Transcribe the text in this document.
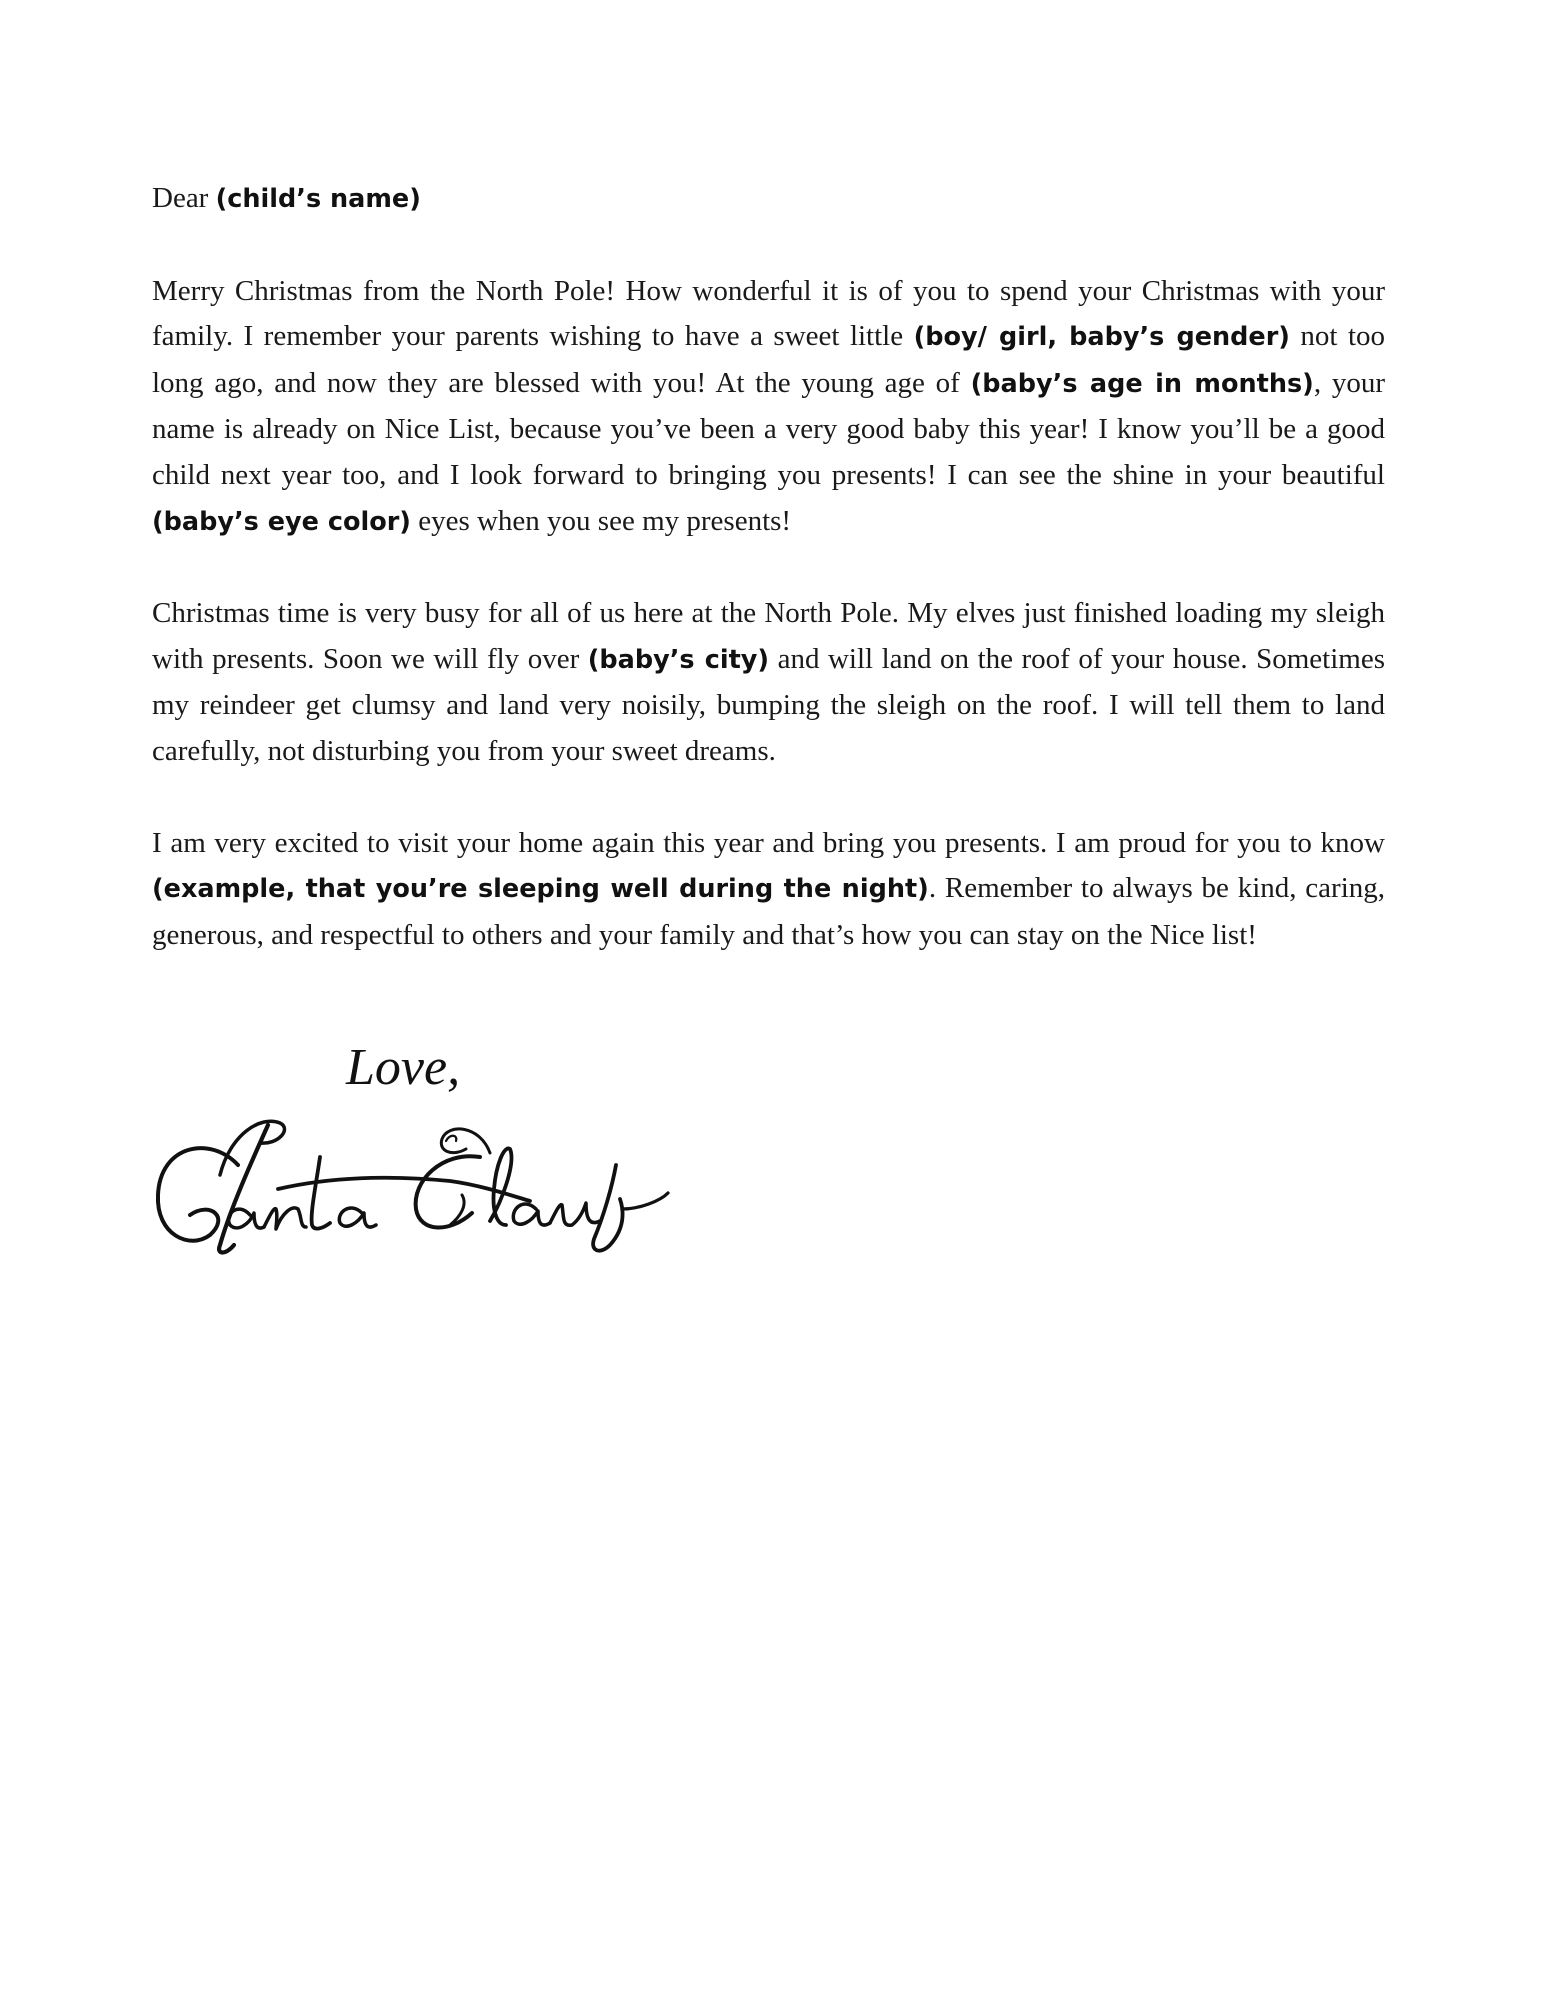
Dear (child’s name)

Merry Christmas from the North Pole! How wonderful it is of you to spend your Christmas with your family. I remember your parents wishing to have a sweet little (boy/ girl, baby’s gender) not too long ago, and now they are blessed with you! At the young age of (baby’s age in months), your name is already on Nice List, because you’ve been a very good baby this year! I know you’ll be a good child next year too, and I look forward to bringing you presents! I can see the shine in your beautiful (baby’s eye color) eyes when you see my presents!

Christmas time is very busy for all of us here at the North Pole. My elves just finished loading my sleigh with presents. Soon we will fly over (baby’s city) and will land on the roof of your house. Sometimes my reindeer get clumsy and land very noisily, bumping the sleigh on the roof. I will tell them to land carefully, not disturbing you from your sweet dreams.

I am very excited to visit your home again this year and bring you presents. I am proud for you to know (example, that you’re sleeping well during the night). Remember to always be kind, caring, generous, and respectful to others and your family and that’s how you can stay on the Nice list!

Love,
